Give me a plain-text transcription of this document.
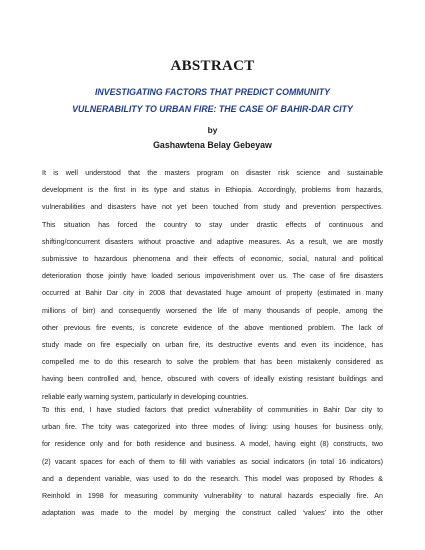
ABSTRACT
INVESTIGATING FACTORS THAT PREDICT COMMUNITY
VULNERABILITY TO URBAN FIRE: THE CASE OF BAHIR-DAR CITY
by
Gashawtena Belay Gebeyaw
It is well understood that the masters program on disaster risk science and sustainable
development is the first in its type and status in Ethiopia. Accordingly, problems from hazards,
vulnerabilities and disasters have not yet been touched from study and prevention perspectives.
This situation has forced the country to stay under drastic effects of continuous and
shifting/concurrent disasters without proactive and adaptive measures. As a result, we are mostly
submissive to hazardous phenomena and their effects of economic, social, natural and political
deterioration those jointly have loaded serious impoverishment over us. The case of fire disasters
occurred at Bahir Dar city in 2008 that devastated huge amount of property (estimated in many
millions of birr) and consequently worsened the life of many thousands of people, among the
other previous fire events, is concrete evidence of the above mentioned problem. The lack of
study made on fire especially on urban fire, its destructive events and even its incidence, has
compelled me to do this research to solve the problem that has been mistakenly considered as
having been controlled and, hence, obscured with covers of ideally existing resistant buildings and
reliable early warning system, particularly in developing countries.
To this end, I have studied factors that predict vulnerability of communities in Bahir Dar city to
urban fire. The tcity was categorized into three modes of living: using houses for business only,
for residence only and for both residence and business. A model, having eight (8) constructs, two
(2) vacant spaces for each of them to fill with variables as social indicators (in total 16 indicators)
and a dependent variable, was used to do the research. This model was proposed by Rhodes &
Reinhold in 1998 for measuring community vulnerability to natural hazards especially fire. An
adaptation was made to the model by merging the construct called ‘values’ into the other
